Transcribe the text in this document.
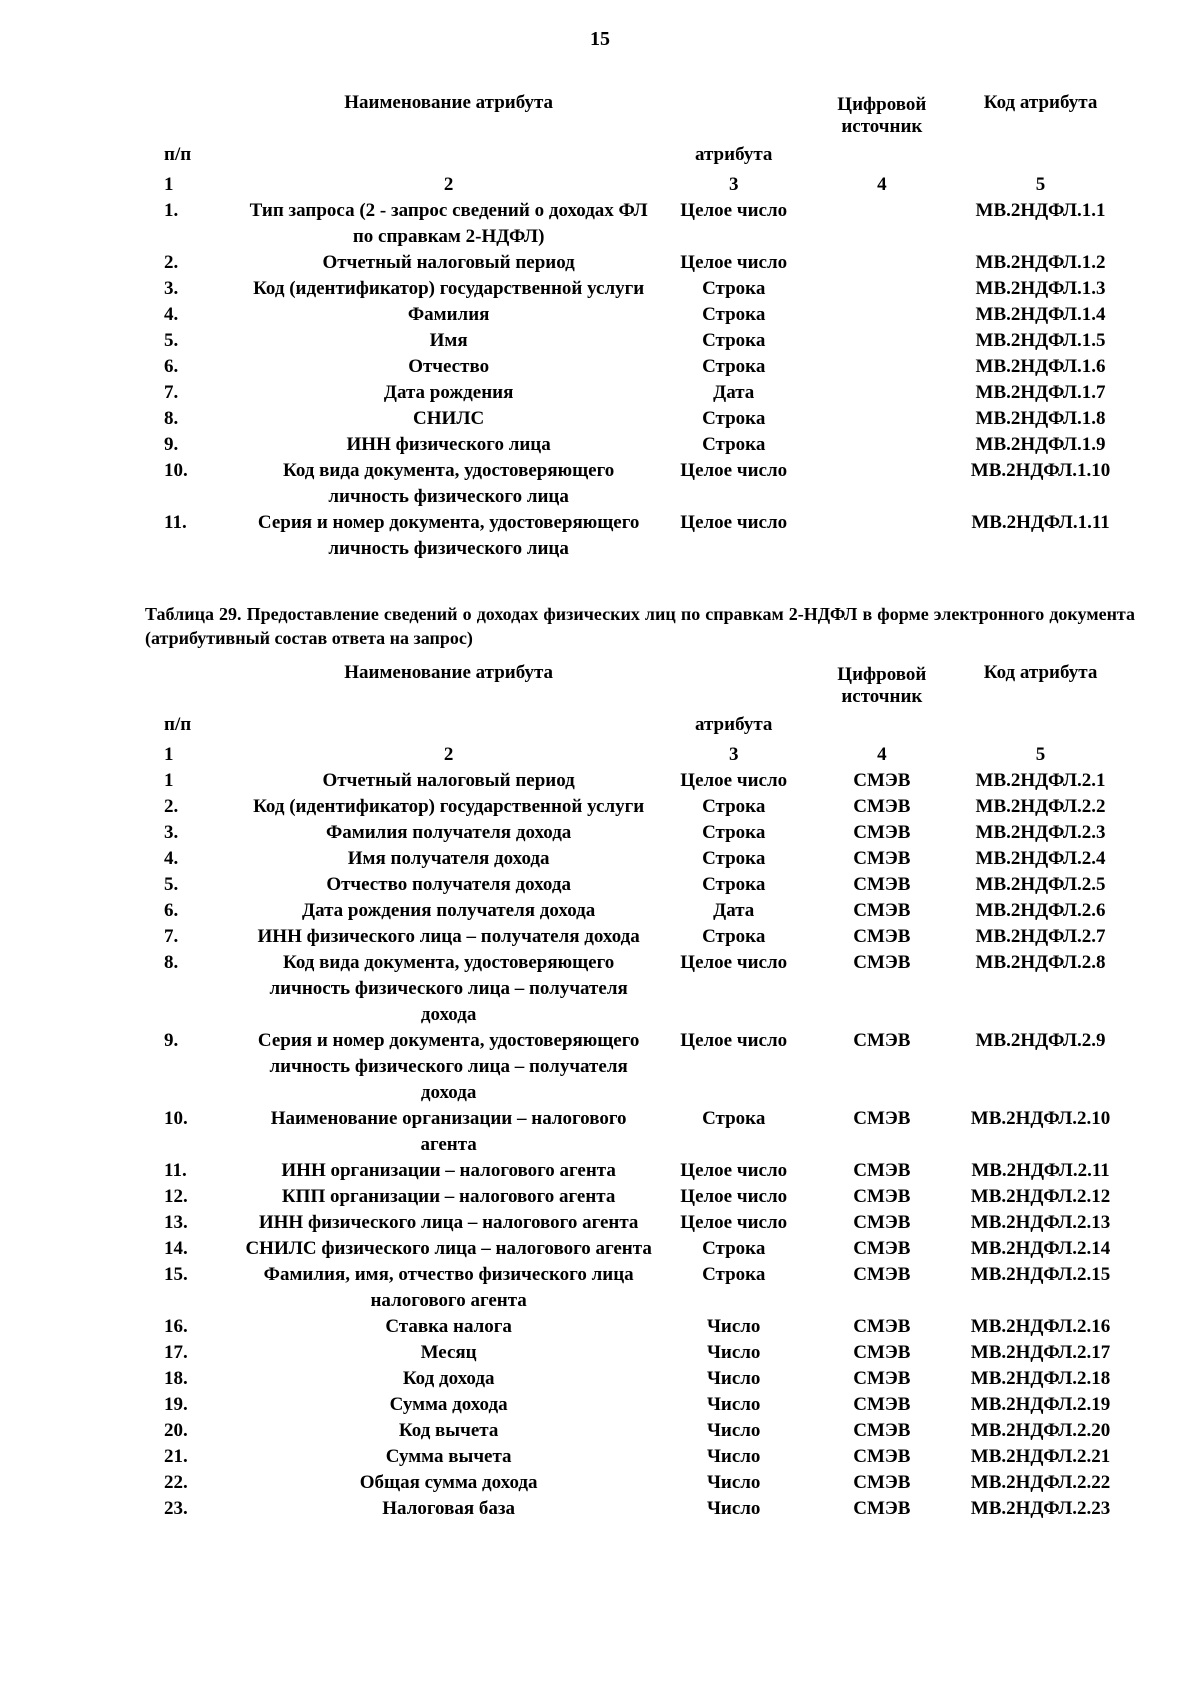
15
п/п	Наименование атрибута	атрибута	Цифровой источник	Код атрибута
1	2	3	4	5
1.	Тип запроса (2 - запрос сведений о доходах ФЛ по справкам 2-НДФЛ)	Целое число		МВ.2НДФЛ.1.1
2.	Отчетный налоговый период	Целое число		МВ.2НДФЛ.1.2
3.	Код (идентификатор) государственной услуги	Строка		МВ.2НДФЛ.1.3
4.	Фамилия	Строка		МВ.2НДФЛ.1.4
5.	Имя	Строка		МВ.2НДФЛ.1.5
6.	Отчество	Строка		МВ.2НДФЛ.1.6
7.	Дата рождения	Дата		МВ.2НДФЛ.1.7
8.	СНИЛС	Строка		МВ.2НДФЛ.1.8
9.	ИНН физического лица	Строка		МВ.2НДФЛ.1.9
10.	Код вида документа, удостоверяющего личность физического лица	Целое число		МВ.2НДФЛ.1.10
11.	Серия и номер документа, удостоверяющего личность физического лица	Целое число		МВ.2НДФЛ.1.11
Таблица 29. Предоставление сведений о доходах физических лиц по справкам 2-НДФЛ в форме электронного документа (атрибутивный состав ответа на запрос)
п/п	Наименование атрибута	атрибута	Цифровой источник	Код атрибута
1	2	3	4	5
1	Отчетный налоговый период	Целое число	СМЭВ	МВ.2НДФЛ.2.1
2.	Код (идентификатор) государственной услуги	Строка	СМЭВ	МВ.2НДФЛ.2.2
3.	Фамилия получателя дохода	Строка	СМЭВ	МВ.2НДФЛ.2.3
4.	Имя получателя дохода	Строка	СМЭВ	МВ.2НДФЛ.2.4
5.	Отчество получателя дохода	Строка	СМЭВ	МВ.2НДФЛ.2.5
6.	Дата рождения получателя дохода	Дата	СМЭВ	МВ.2НДФЛ.2.6
7.	ИНН физического лица – получателя дохода	Строка	СМЭВ	МВ.2НДФЛ.2.7
8.	Код вида документа, удостоверяющего личность физического лица – получателя дохода	Целое число	СМЭВ	МВ.2НДФЛ.2.8
9.	Серия и номер документа, удостоверяющего личность физического лица – получателя дохода	Целое число	СМЭВ	МВ.2НДФЛ.2.9
10.	Наименование организации – налогового агента	Строка	СМЭВ	МВ.2НДФЛ.2.10
11.	ИНН организации – налогового агента	Целое число	СМЭВ	МВ.2НДФЛ.2.11
12.	КПП организации – налогового агента	Целое число	СМЭВ	МВ.2НДФЛ.2.12
13.	ИНН физического лица – налогового агента	Целое число	СМЭВ	МВ.2НДФЛ.2.13
14.	СНИЛС физического лица – налогового агента	Строка	СМЭВ	МВ.2НДФЛ.2.14
15.	Фамилия, имя, отчество физического лица налогового агента	Строка	СМЭВ	МВ.2НДФЛ.2.15
16.	Ставка налога	Число	СМЭВ	МВ.2НДФЛ.2.16
17.	Месяц	Число	СМЭВ	МВ.2НДФЛ.2.17
18.	Код дохода	Число	СМЭВ	МВ.2НДФЛ.2.18
19.	Сумма дохода	Число	СМЭВ	МВ.2НДФЛ.2.19
20.	Код вычета	Число	СМЭВ	МВ.2НДФЛ.2.20
21.	Сумма вычета	Число	СМЭВ	МВ.2НДФЛ.2.21
22.	Общая сумма дохода	Число	СМЭВ	МВ.2НДФЛ.2.22
23.	Налоговая база	Число	СМЭВ	МВ.2НДФЛ.2.23
